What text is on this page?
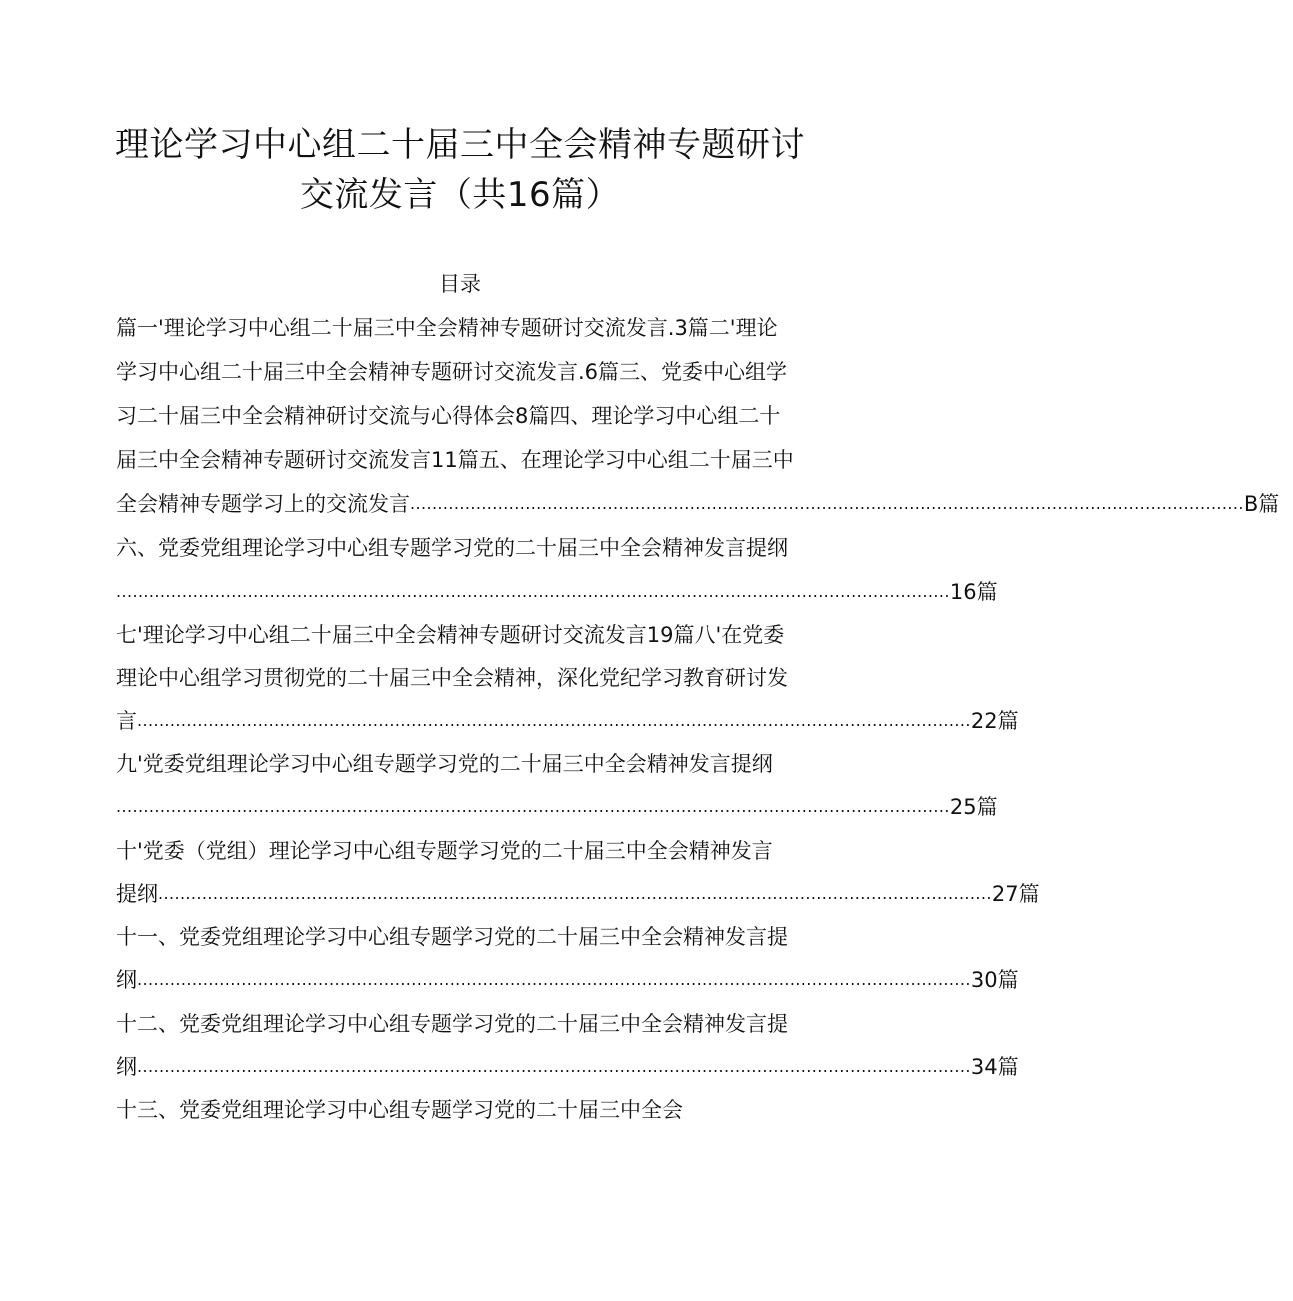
理论学习中心组二十届三中全会精神专题研讨
交流发言（共16篇）
目录
篇一'理论学习中心组二十届三中全会精神专题研讨交流发言.3篇二'理论
学习中心组二十届三中全会精神专题研讨交流发言.6篇三、党委中心组学
习二十届三中全会精神研讨交流与心得体会8篇四、理论学习中心组二十
届三中全会精神专题研讨交流发言11篇五、在理论学习中心组二十届三中
全会精神专题学习上的交流发言 ........................................................................................................................................................ B篇
六、党委党组理论学习中心组专题学习党的二十届三中全会精神发言提纲
........................................................................................................................................................ 16篇
七'理论学习中心组二十届三中全会精神专题研讨交流发言19篇八'在党委
理论中心组学习贯彻党的二十届三中全会精神，深化党纪学习教育研讨发
言 ........................................................................................................................................................ 22篇
九'党委党组理论学习中心组专题学习党的二十届三中全会精神发言提纲
........................................................................................................................................................ 25篇
十'党委（党组）理论学习中心组专题学习党的二十届三中全会精神发言
提纲 ........................................................................................................................................................ 27篇
十一、党委党组理论学习中心组专题学习党的二十届三中全会精神发言提
纲 ........................................................................................................................................................ 30篇
十二、党委党组理论学习中心组专题学习党的二十届三中全会精神发言提
纲 ........................................................................................................................................................ 34篇
十三、党委党组理论学习中心组专题学习党的二十届三中全会
